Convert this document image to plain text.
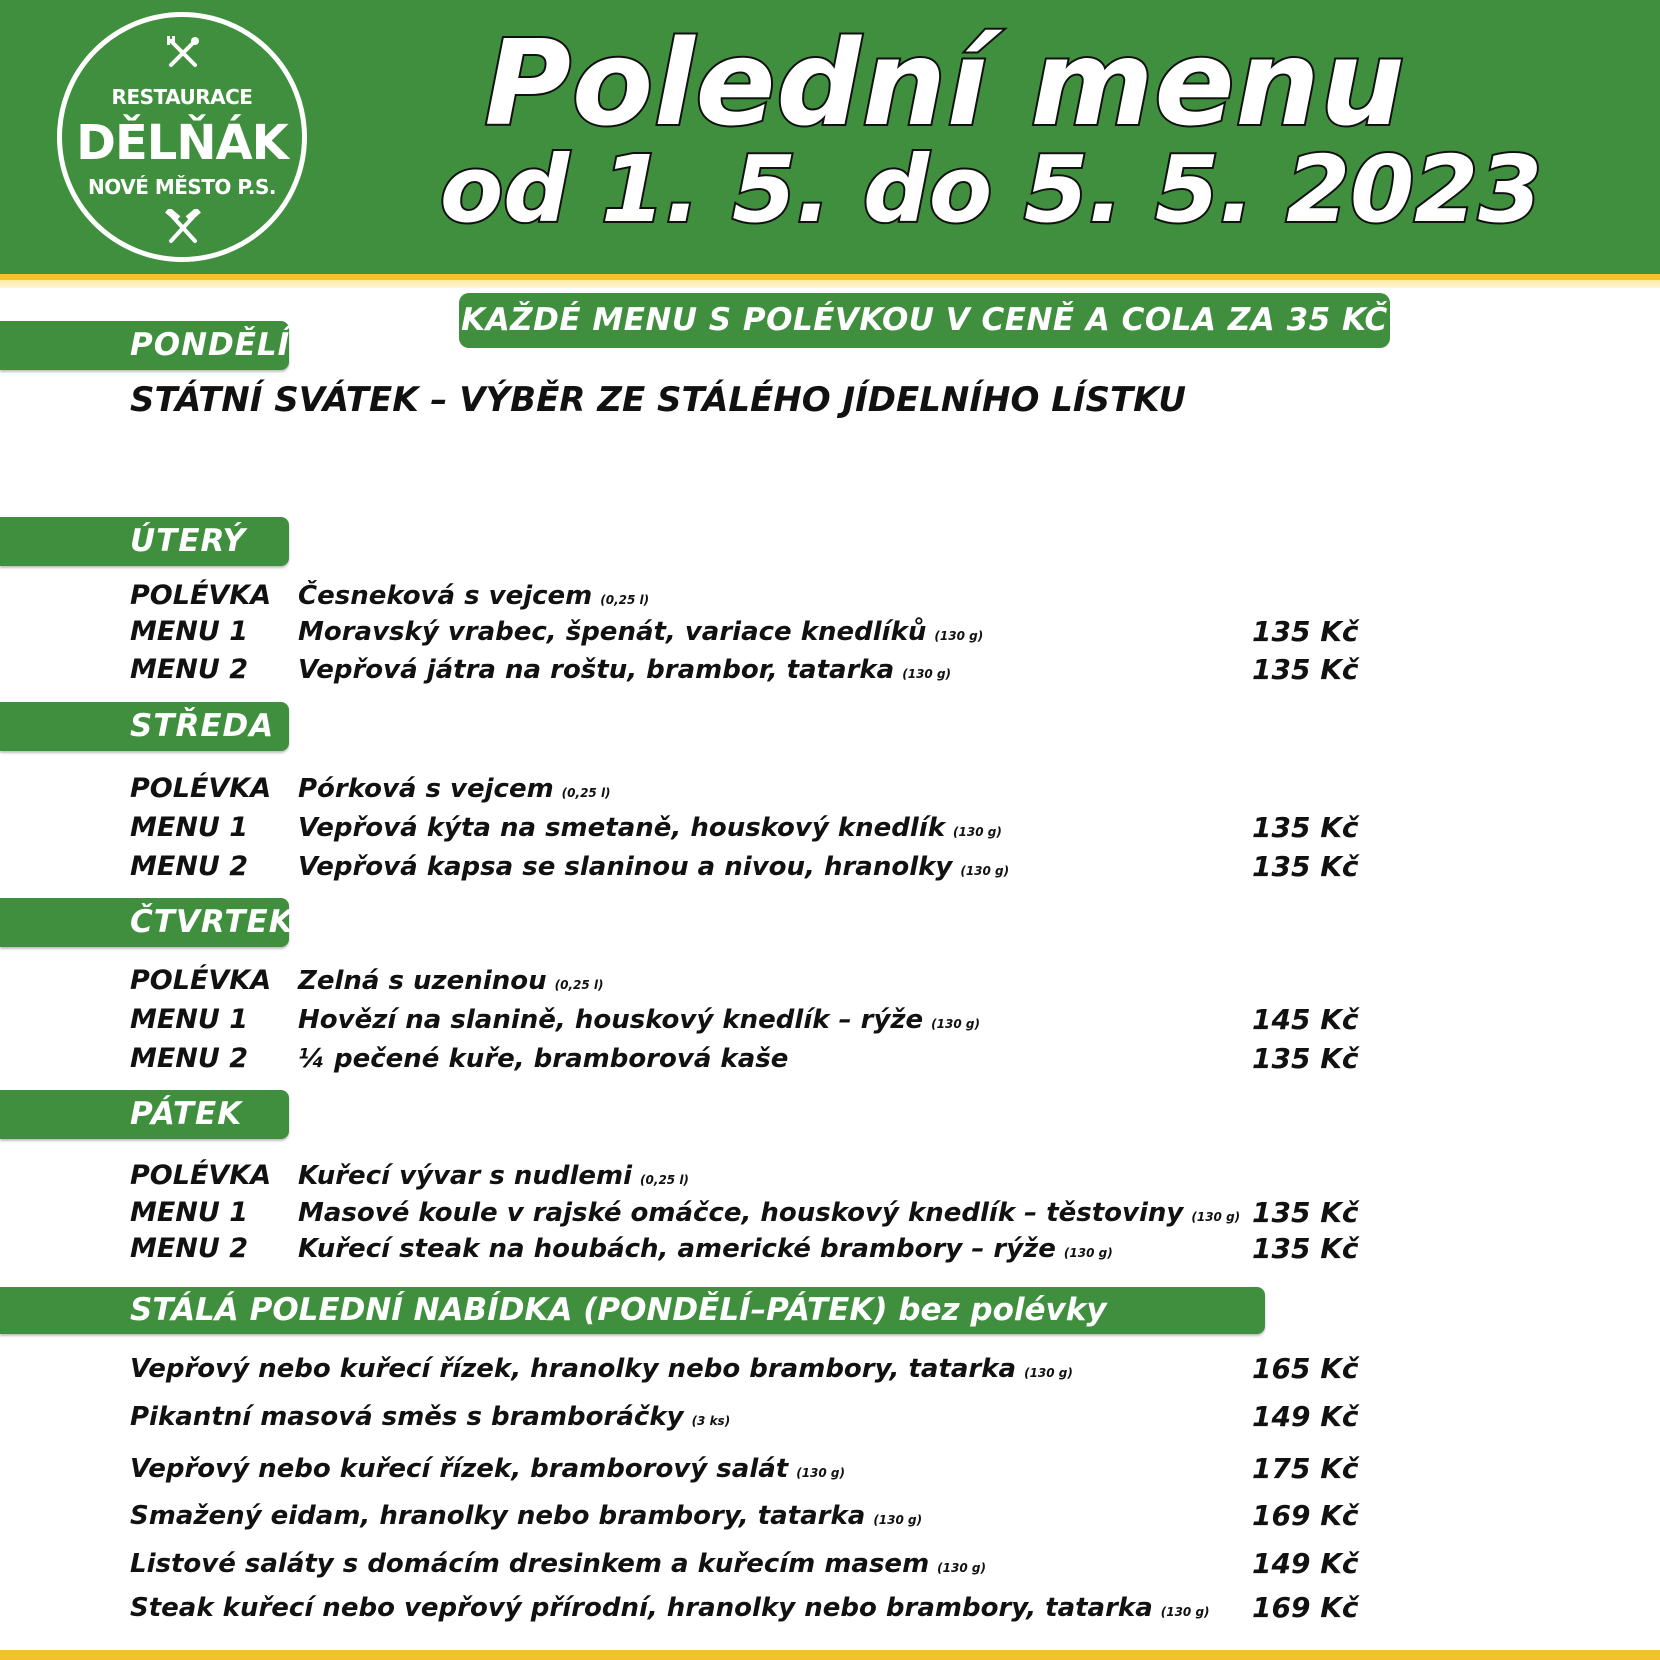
RESTAURACE
DĚLŇÁK
NOVÉ MĚSTO P.S.
Polední menu
od 1. 5. do 5. 5. 2023
KAŽDÉ MENU S POLÉVKOU V CENĚ A COLA ZA 35 KČ
PONDĚLÍ
STÁTNÍ SVÁTEK – VÝBĚR ZE STÁLÉHO JÍDELNÍHO LÍSTKU
ÚTERÝ
POLÉVKA Česneková s vejcem (0,25 l)
MENU 1 Moravský vrabec, špenát, variace knedlíků (130 g)	135 Kč
MENU 2 Vepřová játra na roštu, brambor, tatarka (130 g)	135 Kč
STŘEDA
POLÉVKA Pórková s vejcem (0,25 l)
MENU 1 Vepřová kýta na smetaně, houskový knedlík (130 g)	135 Kč
MENU 2 Vepřová kapsa se slaninou a nivou, hranolky (130 g)	135 Kč
ČTVRTEK
POLÉVKA Zelná s uzeninou (0,25 l)
MENU 1 Hovězí na slanině, houskový knedlík – rýže (130 g)	145 Kč
MENU 2 ¼ pečené kuře, bramborová kaše	135 Kč
PÁTEK
POLÉVKA Kuřecí vývar s nudlemi (0,25 l)
MENU 1 Masové koule v rajské omáčce, houskový knedlík – těstoviny (130 g) 135 Kč
MENU 2 Kuřecí steak na houbách, americké brambory – rýže (130 g)	135 Kč
STÁLÁ POLEDNÍ NABÍDKA (PONDĚLÍ–PÁTEK) bez polévky
Vepřový nebo kuřecí řízek, hranolky nebo brambory, tatarka (130 g)	165 Kč
Pikantní masová směs s bramboráčky (3 ks)	149 Kč
Vepřový nebo kuřecí řízek, bramborový salát (130 g)	175 Kč
Smažený eidam, hranolky nebo brambory, tatarka (130 g)	169 Kč
Listové saláty s domácím dresinkem a kuřecím masem (130 g)	149 Kč
Steak kuřecí nebo vepřový přírodní, hranolky nebo brambory, tatarka (130 g) 169 Kč
